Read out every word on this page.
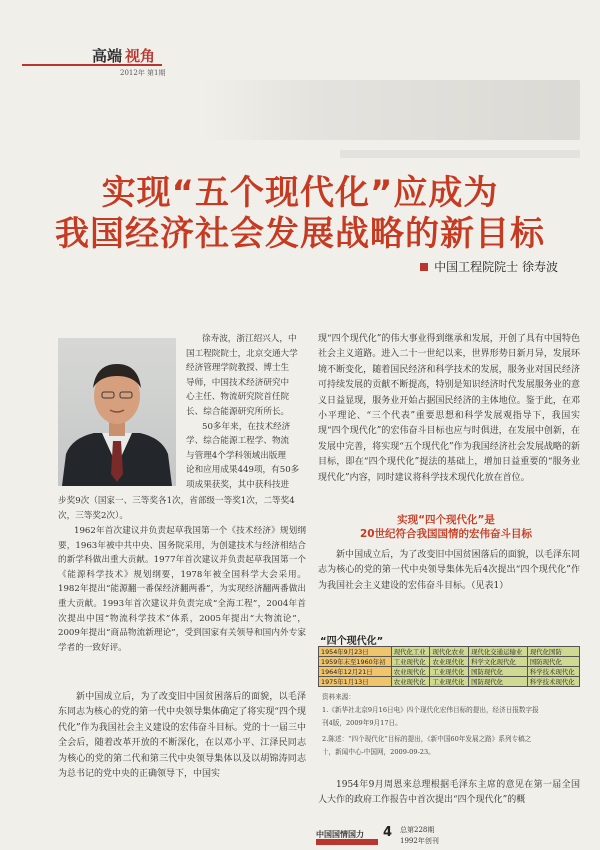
高端 视角
2012年 第1期
实现“五个现代化”应成为
我国经济社会发展战略的新目标
中国工程院院士 徐寿波

徐寿波，浙江绍兴人，中

国工程院院士，北京交通大学

经济管理学院教授、博士生

导师，中国技术经济研究中

心主任、物流研究院首任院

长、综合能源研究所所长。

50多年来，在技术经济

学、综合能源工程学、物流

与管理4个学科领域出版理

论和应用成果449项，有50多

项成果获奖，其中获科技进

步奖9次（国家一、三等奖各1次，省部级一等奖1次，二等奖4次，三等奖2次）。

1962年首次建议并负责起草我国第一个《技术经济》规划纲要，1963年被中共中央、国务院采用，为创建技术与经济相结合的新学科做出重大贡献。1977年首次建议并负责起草我国第一个《能源科学技术》规划纲要，1978年被全国科学大会采用。1982年提出“能源翻一番保经济翻两番”，为实现经济翻两番做出重大贡献。1993年首次建议并负责完成“全海工程”，2004年首次提出中国“物流科学技术”体系，2005年提出“大物流论”，2009年提出“商品物流新理论”，受到国家有关领导和国内外专家学者的一致好评。

新中国成立后，为了改变旧中国贫困落后的面貌，以毛泽东同志为核心的党的第一代中央领导集体确定了将实现“四个现代化”作为我国社会主义建设的宏伟奋斗目标。党的十一届三中全会后，随着改革开放的不断深化，在以邓小平、江泽民同志为核心的党的第二代和第三代中央领导集体以及以胡锦涛同志为总书记的党中央的正确领导下，中国实

现“四个现代化”的伟大事业得到继承和发展，开创了具有中国特色社会主义道路。进入二十一世纪以来，世界形势日新月异，发展环境不断变化，随着国民经济和科学技术的发展，服务业对国民经济可持续发展的贡献不断提高，特别是知识经济时代发展服务业的意义日益显现，服务业开始占据国民经济的主体地位。鉴于此，在邓小平理论、“三个代表”重要思想和科学发展观指导下，我国实现“四个现代化”的宏伟奋斗目标也应与时俱进，在发展中创新，在发展中完善，将实现“五个现代化”作为我国经济社会发展战略的新目标，即在“四个现代化”提法的基础上，增加日益重要的“服务业现代化”内容，同时建议将科学技术现代化放在首位。

实现“四个现代化”是
20世纪符合我国国情的宏伟奋斗目标

新中国成立后，为了改变旧中国贫困落后的面貌，以毛泽东同志为核心的党的第一代中央领导集体先后4次提出“四个现代化”作为我国社会主义建设的宏伟奋斗目标。（见表1）

“四个现代化”
1954年9月23日	现代化工业	现代化农业	现代化交通运输业	现代化国防
1959年末至1960年初	工业现代化	农业现代化	科学文化现代化	国防现代化
1964年12月21日	农业现代化	工业现代化	国防现代化	科学技术现代化
1975年1月13日	农业现代化	工业现代化	国防现代化	科学技术现代化
资料来源：
1.《新华社北京9月16日电》四个现代化宏伟目标的提出，经济日报数字报
刊4版，2009年9月17日。
2.陈述：“四个现代化”目标的提出，《新中国60年发展之路》系列专稿之
十，新闻中心-中国网，2009-09-23。

1954年9月周恩来总理根据毛泽东主席的意见在第一届全国人大作的政府工作报告中首次提出“四个现代化”的概

中国国情国力 4 总第228期
1992年创刊
